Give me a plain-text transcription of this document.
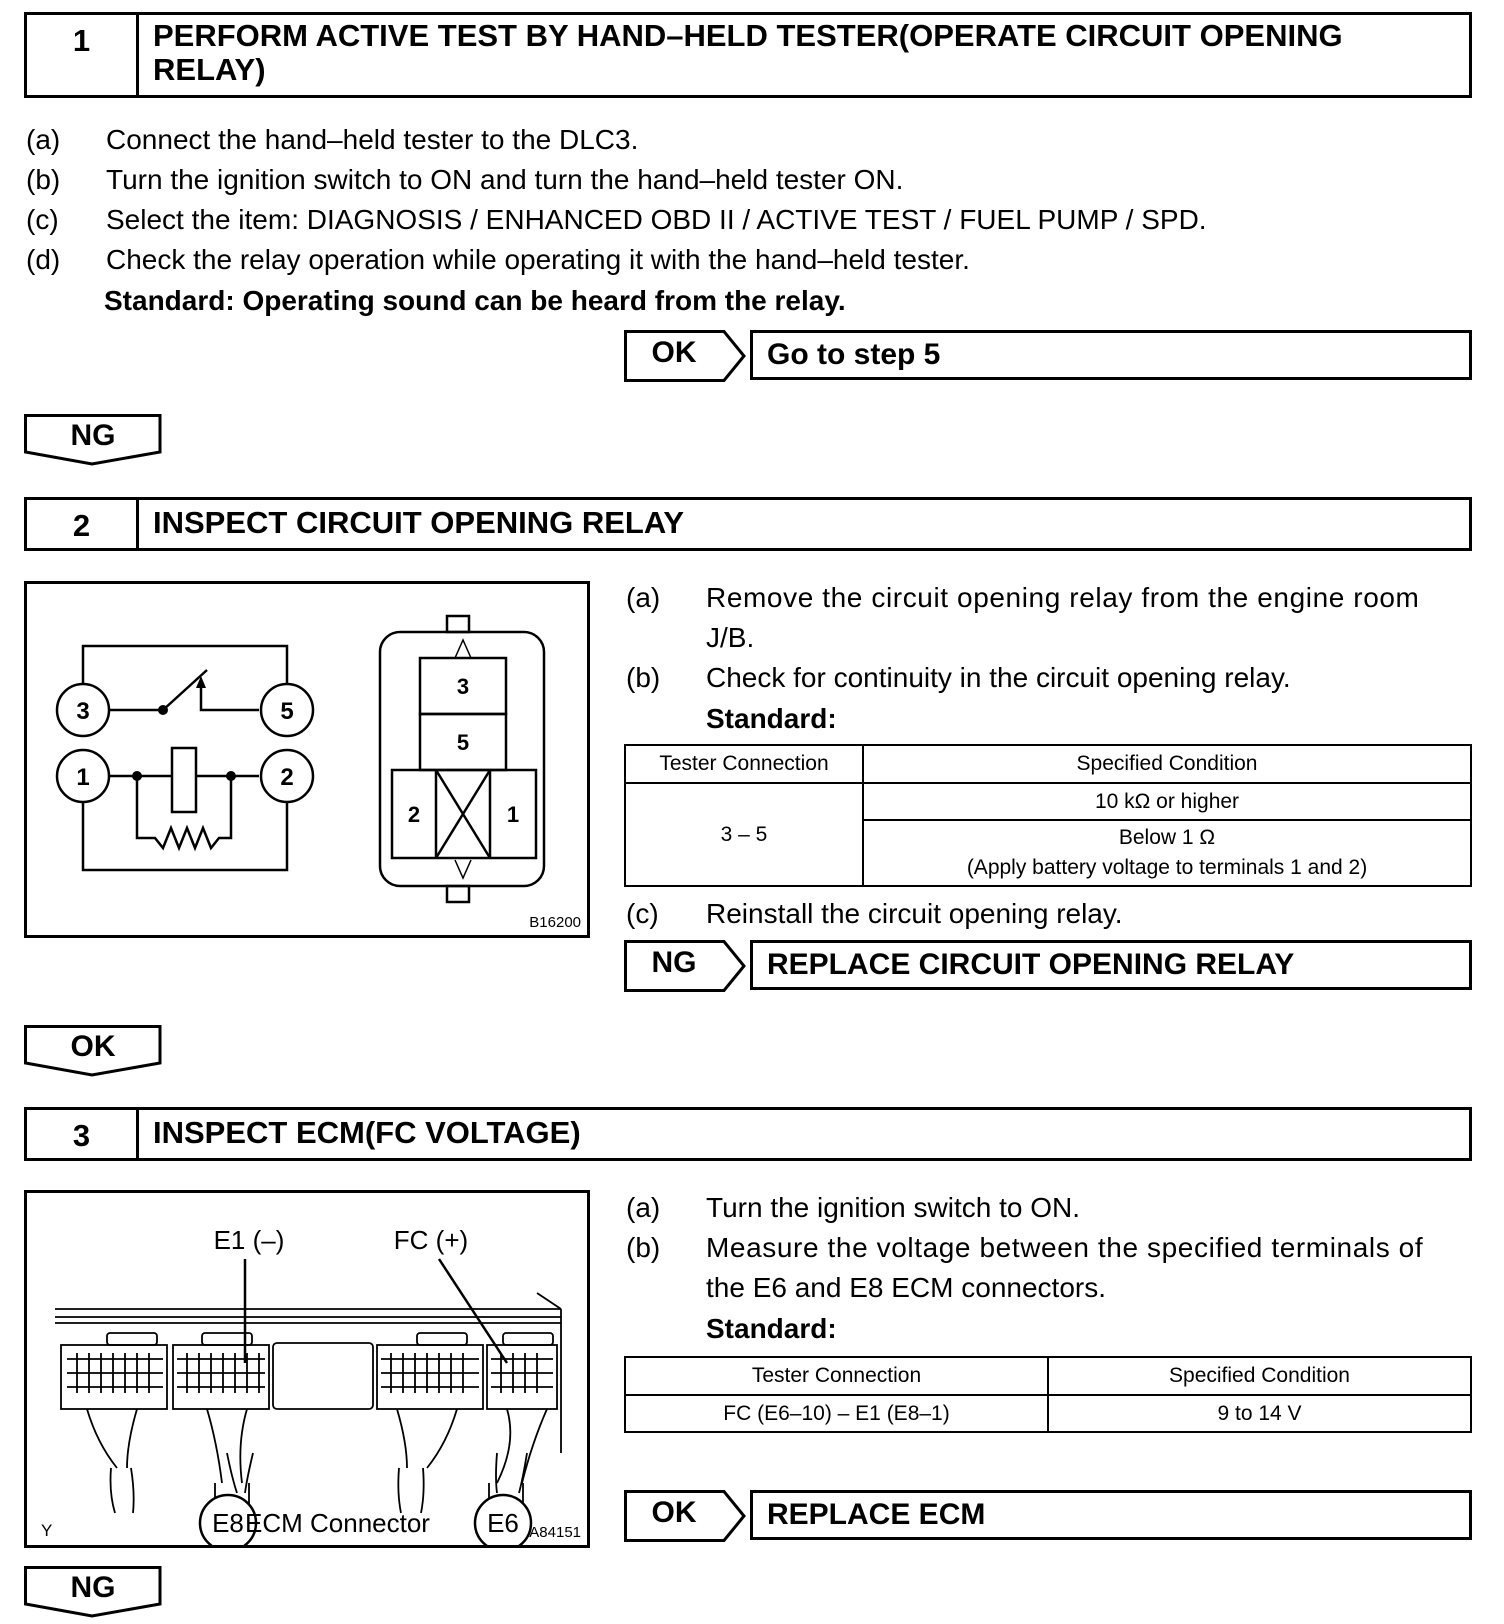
1	PERFORM ACTIVE TEST BY HAND–HELD TESTER(OPERATE CIRCUIT OPENING RELAY)
(a) Connect the hand–held tester to the DLC3.
(b) Turn the ignition switch to ON and turn the hand–held tester ON.
(c) Select the item: DIAGNOSIS / ENHANCED OBD II / ACTIVE TEST / FUEL PUMP / SPD.
(d) Check the relay operation while operating it with the hand–held tester.
Standard: Operating sound can be heard from the relay.
OK	Go to step 5
NG
2	INSPECT CIRCUIT OPENING RELAY
3	5
1	2
3
5
2	1
B16200
(a) Remove the circuit opening relay from the engine room
J/B.
(b) Check for continuity in the circuit opening relay.
Standard:
Tester Connection	Specified Condition
3 – 5	10 kΩ or higher

	Below 1 Ω
(Apply battery voltage to terminals 1 and 2)
(c) Reinstall the circuit opening relay.
NG	REPLACE CIRCUIT OPENING RELAY
OK
3	INSPECT ECM(FC VOLTAGE)
E1 (–)	FC (+)
E8	E6
ECM Connector
Y	A84151
(a) Turn the ignition switch to ON.
(b) Measure the voltage between the specified terminals of
the E6 and E8 ECM connectors.
Standard:
Tester Connection	Specified Condition
FC (E6–10) – E1 (E8–1)	9 to 14 V
OK	REPLACE ECM
NG
